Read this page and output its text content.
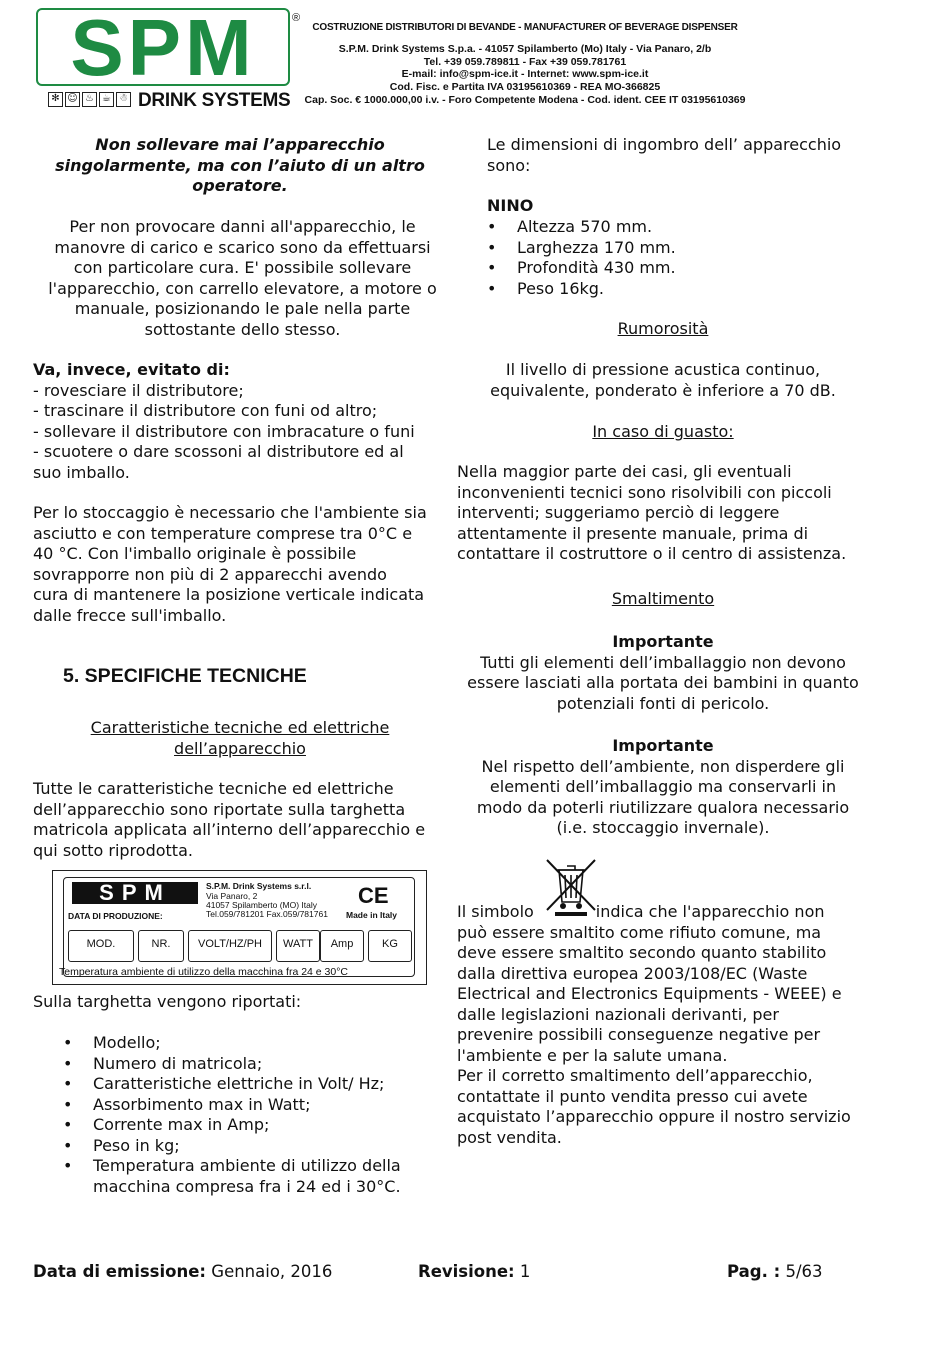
SPM	®
✻ ☺ ♨ ☕ ☃ DRINK SYSTEMS
COSTRUZIONE DISTRIBUTORI DI BEVANDE - MANUFACTURER OF BEVERAGE DISPENSER
S.P.M. Drink Systems S.p.a. - 41057 Spilamberto (Mo) Italy - Via Panaro, 2/b
Tel. +39 059.789811 - Fax +39 059.781761
E-mail: info@spm-ice.it - Internet: www.spm-ice.it
Cod. Fisc. e Partita IVA 03195610369 - REA MO-366825
Cap. Soc. € 1000.000,00 i.v. - Foro Competente Modena - Cod. ident. CEE IT 03195610369
Non sollevare mai l’apparecchio singolarmente, ma con l’aiuto di un altro operatore.

Per non provocare danni all'apparecchio, le

manovre di carico e scarico sono da effettuarsi

con particolare cura. E' possibile sollevare

l'apparecchio, con carrello elevatore, a motore o

manuale, posizionando le pale nella parte

sottostante dello stesso.

Va, invece, evitato di:

- rovesciare il distributore;

- trascinare il distributore con funi od altro;

- sollevare il distributore con imbracature o funi

- scuotere o dare scossoni al distributore ed al

suo imballo.

Per lo stoccaggio è necessario che l'ambiente sia

asciutto e con temperature comprese tra 0°C e

40 °C. Con l'imballo originale è possibile

sovrapporre non più di 2 apparecchi avendo

cura di mantenere la posizione verticale indicata

dalle frecce sull'imballo.

5. SPECIFICHE TECNICHE

Caratteristiche tecniche ed elettriche

dell’apparecchio

Tutte le caratteristiche tecniche ed elettriche

dell’apparecchio sono riportate sulla targhetta

matricola applicata all’interno dell’apparecchio e

qui sotto riprodotta.

SPM	S.P.M. Drink Systems s.r.l.
Via Panaro, 2
41057 Spilamberto (MO) Italy
Tel.059/781201 Fax.059/781761
CE
Made in Italy
DATA DI PRODUZIONE:
MOD.	NR.	VOLT/HZ/PH	WATT	Amp	KG
Temperatura ambiente di utilizzo della macchina fra 24 e 30°C
Sulla targhetta vengono riportati:
• Modello;
• Numero di matricola;
• Caratteristiche elettriche in Volt/ Hz;
• Assorbimento max in Watt;
• Corrente max in Amp;
• Peso in kg;
• Temperatura ambiente di utilizzo della macchina compresa fra i 24 ed i 30°C.
Le dimensioni di ingombro dell’ apparecchio sono:
NINO
• Altezza 570 mm.
• Larghezza 170 mm.
• Profondità 430 mm.
• Peso 16kg.
Rumorosità

Il livello di pressione acustica continuo,

equivalente, ponderato è inferiore a 70 dB.

In caso di guasto:

Nella maggior parte dei casi, gli eventuali

inconvenienti tecnici sono risolvibili con piccoli

interventi; suggeriamo perciò di leggere

attentamente il presente manuale, prima di

contattare il costruttore o il centro di assistenza.

Smaltimento

Importante

Tutti gli elementi dell’imballaggio non devono

essere lasciati alla portata dei bambini in quanto

potenziali fonti di pericolo.

Importante

Nel rispetto dell’ambiente, non disperdere gli

elementi dell’imballaggio ma conservarli in

modo da poterli riutilizzare qualora necessario

(i.e. stoccaggio invernale).

Il simbolo	indica che l'apparecchio non

può essere smaltito come rifiuto comune, ma

deve essere smaltito secondo quanto stabilito

dalla direttiva europea 2003/108/EC (Waste

Electrical and Electronics Equipments - WEEE) e

dalle legislazioni nazionali derivanti, per

prevenire possibili conseguenze negative per

l'ambiente e per la salute umana.

Per il corretto smaltimento dell’apparecchio,

contattate il punto vendita presso cui avete

acquistato l’apparecchio oppure il nostro servizio

post vendita.

Data di emissione: Gennaio, 2016	Revisione: 1	Pag. : 5/63
